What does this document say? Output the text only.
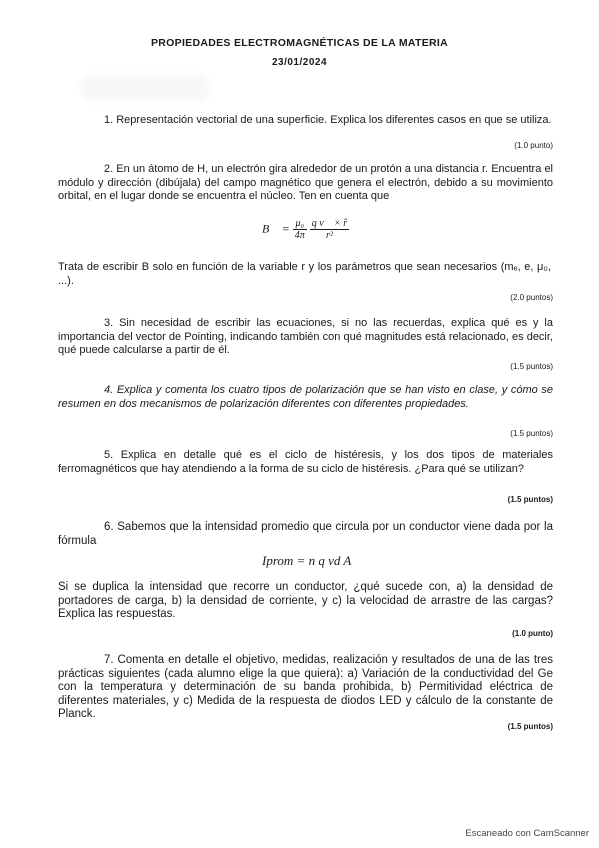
PROPIEDADES ELECTROMAGNÉTICAS DE LA MATERIA
23/01/2024

1. Representación vectorial de una superficie. Explica los diferentes casos en que se utiliza.

(1.0 punto)

2. En un átomo de H, un electrón gira alrededor de un protón a una distancia r. Encuentra el módulo y dirección (dibújala) del campo magnético que genera el electrón, debido a su movimiento orbital, en el lugar donde se encuentra el núcleo. Ten en cuenta que

B⃗ = $\frac{\text{μ₀}}{4\pi}$
$\frac{\text{q v⃗ × r̂}}{\text{r²}}$

Trata de escribir B solo en función de la variable r y los parámetros que sean necesarios (mₑ, e, μ₀, ...).

(2.0 puntos)

3. Sin necesidad de escribir las ecuaciones, si no las recuerdas, explica qué es y la importancia del vector de Pointing, indicando también con qué magnitudes está relacionado, es decir, qué puede calcularse a partir de él.

(1.5 puntos)

4. Explica y comenta los cuatro tipos de polarización que se han visto en clase, y cómo se resumen en dos mecanismos de polarización diferentes con diferentes propiedades.

(1.5 puntos)

5. Explica en detalle qué es el ciclo de histéresis, y los dos tipos de materiales ferromagnéticos que hay atendiendo a la forma de su ciclo de histéresis. ¿Para qué se utilizan?

(1.5 puntos)

6. Sabemos que la intensidad promedio que circula por un conductor viene dada por la fórmula

Iprom = n q vd A

Si se duplica la intensidad que recorre un conductor, ¿qué sucede con, a) la densidad de portadores de carga, b) la densidad de corriente, y c) la velocidad de arrastre de las cargas? Explica las respuestas.

(1.0 punto)

7. Comenta en detalle el objetivo, medidas, realización y resultados de una de las tres prácticas siguientes (cada alumno elige la que quiera): a) Variación de la conductividad del Ge con la temperatura y determinación de su banda prohibida, b) Permitividad eléctrica de diferentes materiales, y c) Medida de la respuesta de diodos LED y cálculo de la constante de Planck.

(1.5 puntos)
Escaneado con CamScanner
